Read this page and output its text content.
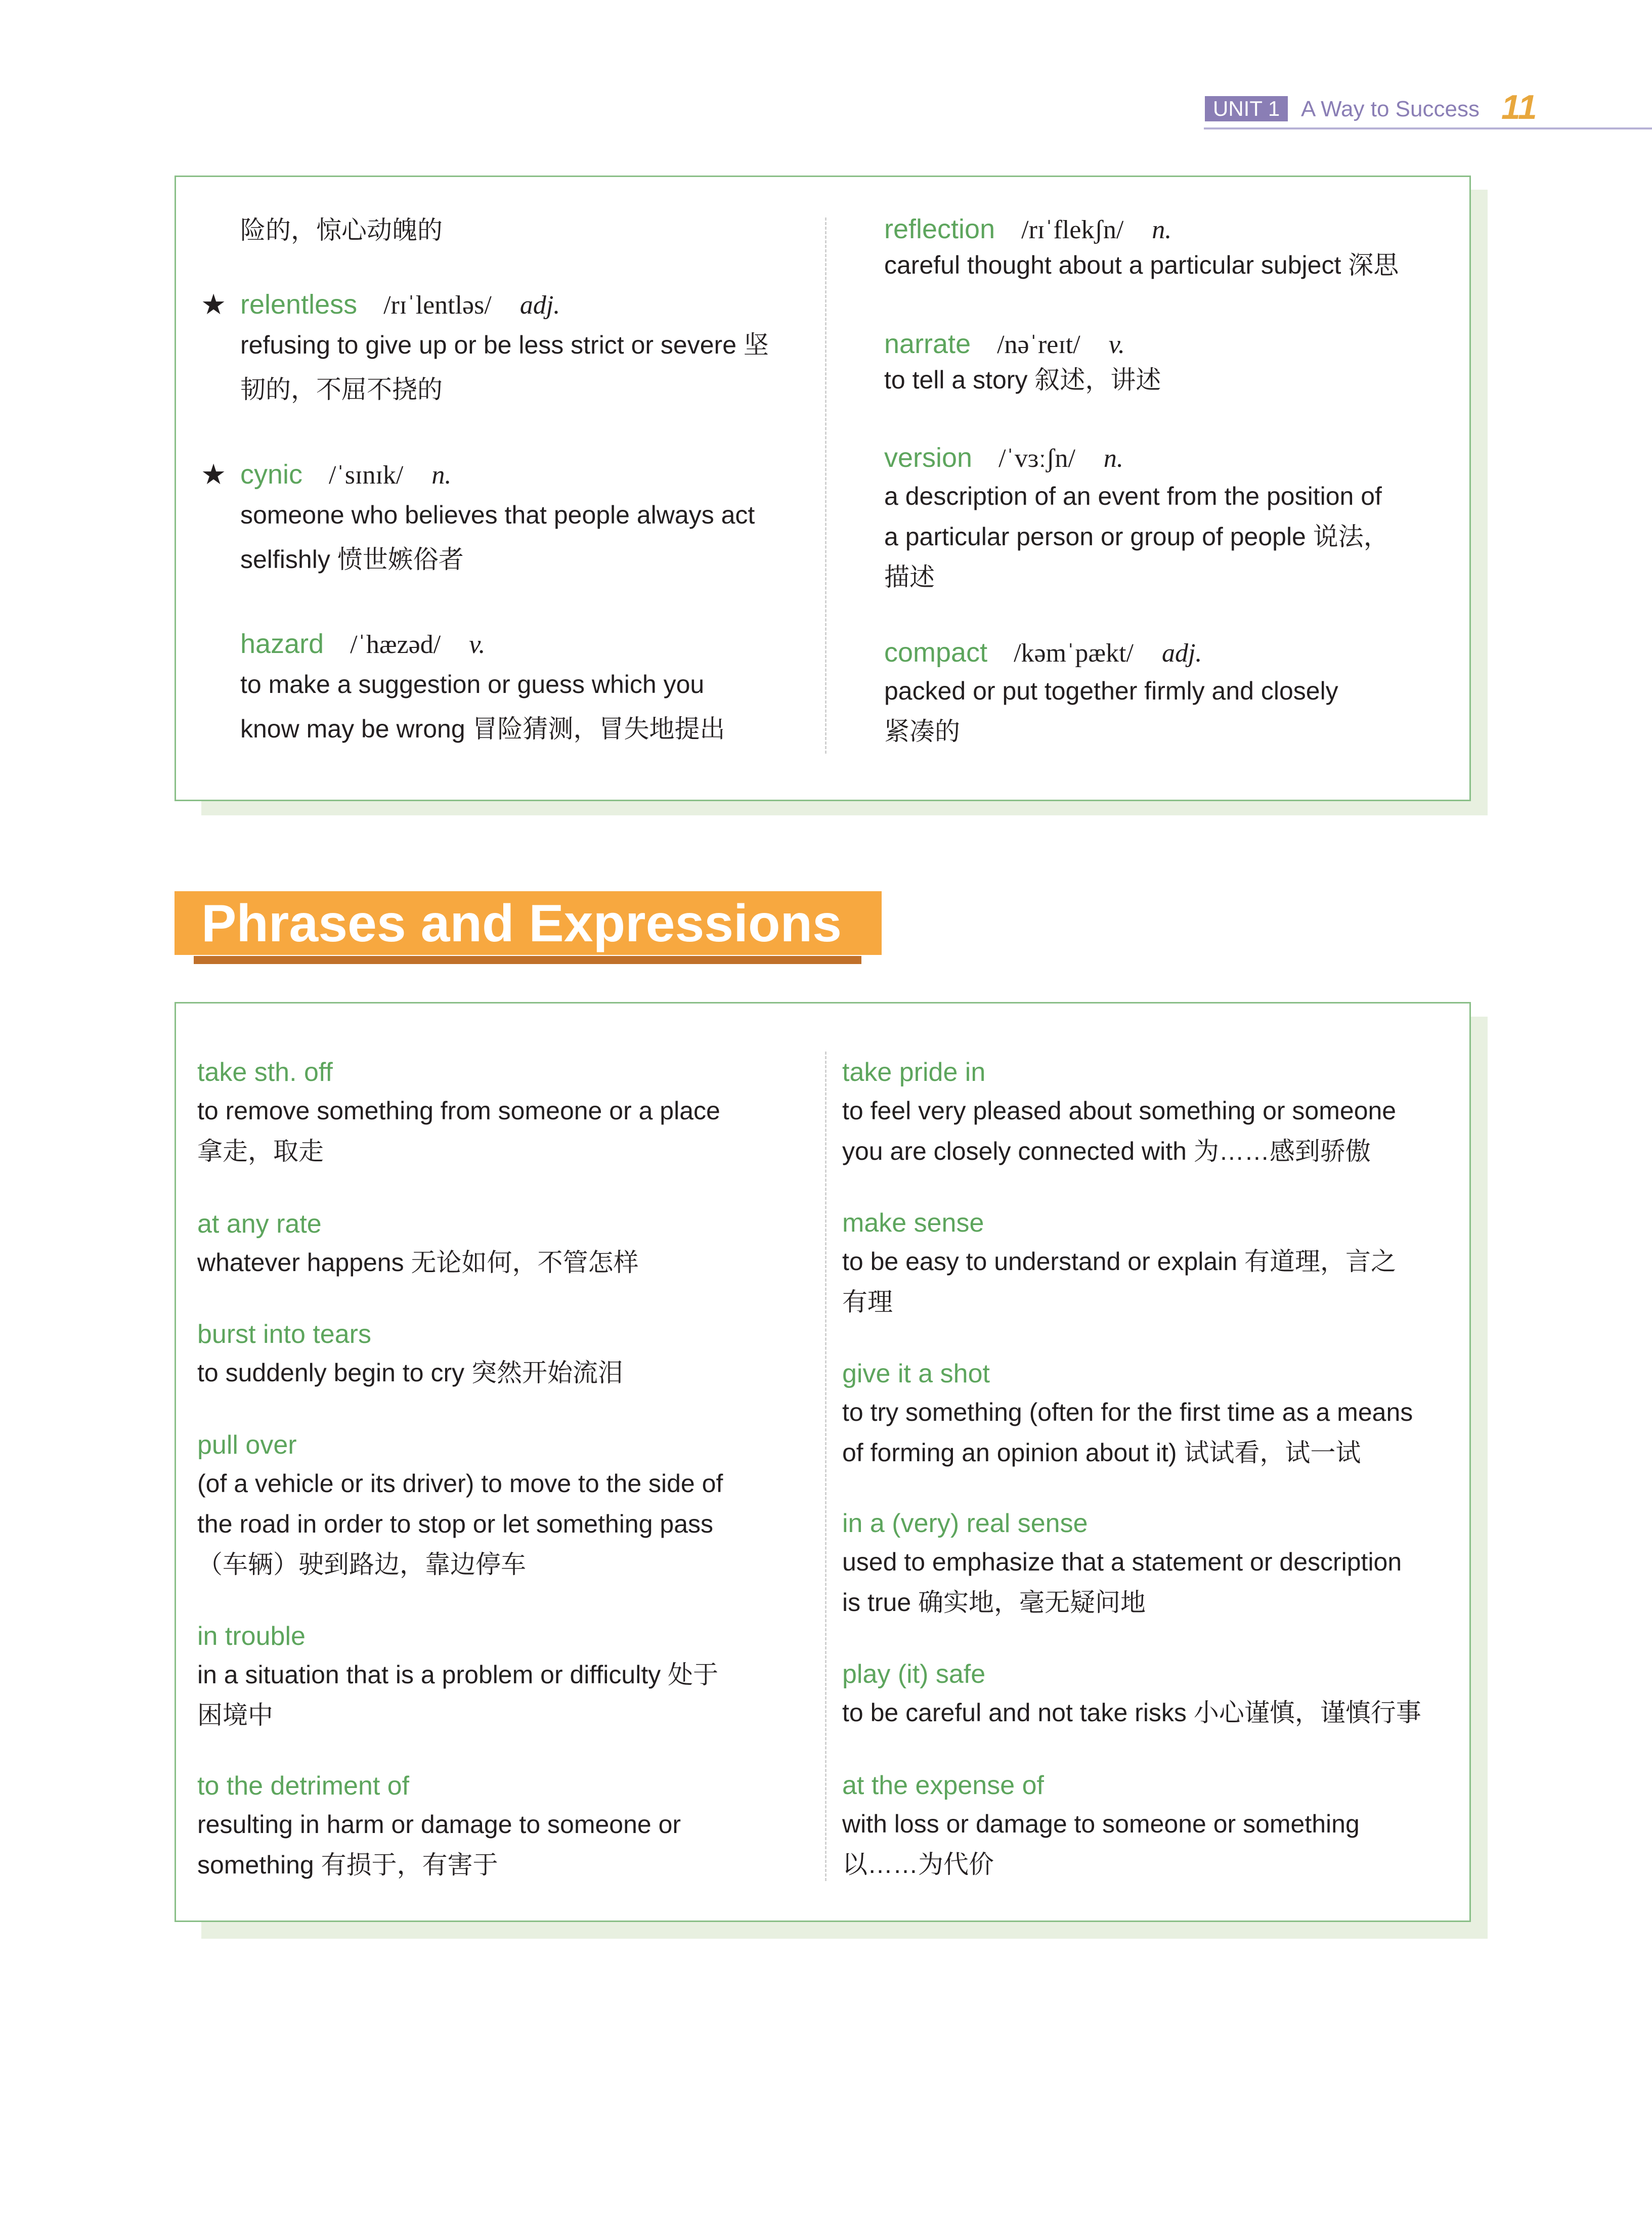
UNIT 1 A Way to Success 11
险的，惊心动魄的
★ relentless /rɪˈlentləs/ adj.
refusing to give up or be less strict or severe 坚
韧的，不屈不挠的
★ cynic /ˈsɪnɪk/ n.
someone who believes that people always act
selfishly 愤世嫉俗者
hazard /ˈhæzəd/ v.
to make a suggestion or guess which you
know may be wrong 冒险猜测，冒失地提出
reflection /rɪˈflekʃn/ n.
careful thought about a particular subject 深思
narrate /nəˈreɪt/ v.
to tell a story 叙述，讲述
version /ˈvɜːʃn/ n.
a description of an event from the position of
a particular person or group of people 说法，
描述
compact /kəmˈpækt/ adj.
packed or put together firmly and closely
紧凑的
Phrases and Expressions
take sth. off
to remove something from someone or a place
拿走，取走
at any rate
whatever happens 无论如何，不管怎样
burst into tears
to suddenly begin to cry 突然开始流泪
pull over
(of a vehicle or its driver) to move to the side of
the road in order to stop or let something pass
（车辆）驶到路边，靠边停车
in trouble
in a situation that is a problem or difficulty 处于
困境中
to the detriment of
resulting in harm or damage to someone or
something 有损于，有害于
take pride in
to feel very pleased about something or someone
you are closely connected with 为……感到骄傲
make sense
to be easy to understand or explain 有道理，言之
有理
give it a shot
to try something (often for the first time as a means
of forming an opinion about it) 试试看，试一试
in a (very) real sense
used to emphasize that a statement or description
is true 确实地，毫无疑问地
play (it) safe
to be careful and not take risks 小心谨慎，谨慎行事
at the expense of
with loss or damage to someone or something
以……为代价
